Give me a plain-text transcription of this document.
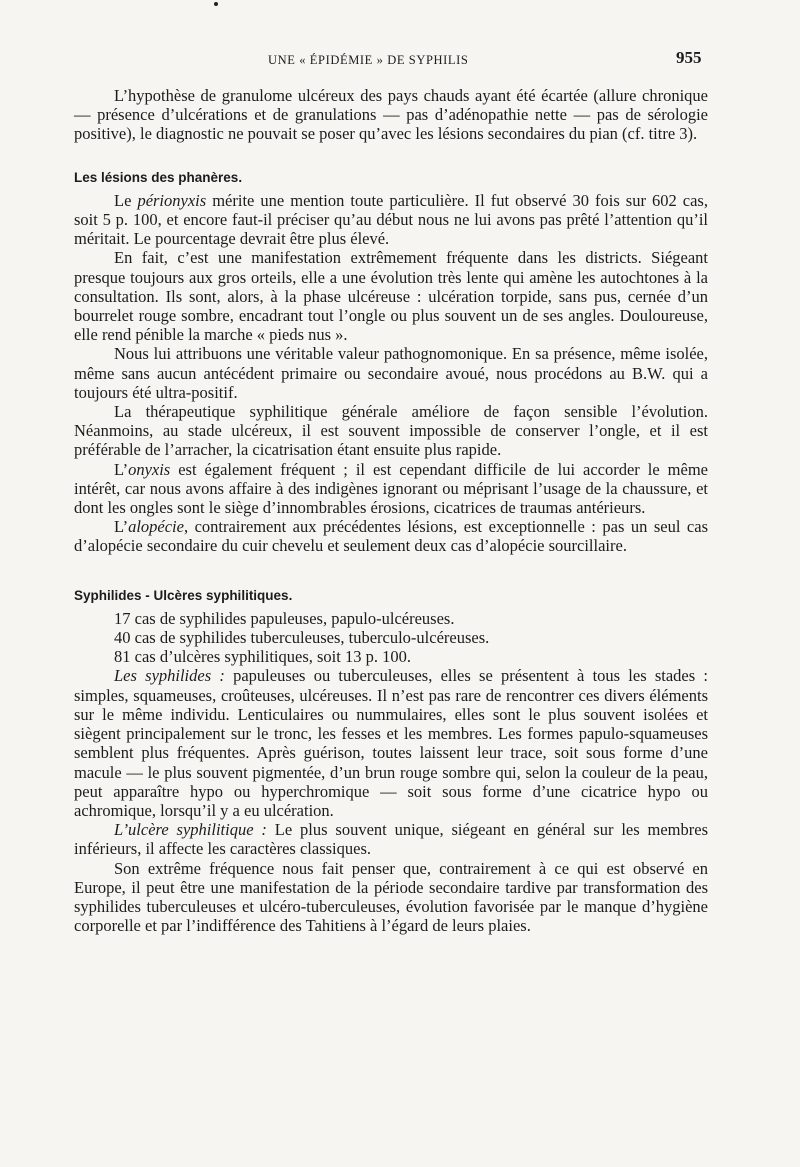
UNE « ÉPIDÉMIE » DE SYPHILIS	955

L’hypothèse de granulome ulcéreux des pays chauds ayant été écartée (allure chronique — présence d’ulcérations et de granulations — pas d’adénopathie nette — pas de sérologie positive), le diagnostic ne pouvait se poser qu’avec les lésions secondaires du pian (cf. titre 3).

Les lésions des phanères.

Le périonyxis mérite une mention toute particulière. Il fut observé 30 fois sur 602 cas, soit 5 p. 100, et encore faut-il préciser qu’au début nous ne lui avons pas prêté l’attention qu’il méritait. Le pourcentage devrait être plus élevé.

En fait, c’est une manifestation extrêmement fréquente dans les districts. Siégeant presque toujours aux gros orteils, elle a une évolution très lente qui amène les autochtones à la consultation. Ils sont, alors, à la phase ulcéreuse : ulcération torpide, sans pus, cernée d’un bourrelet rouge sombre, encadrant tout l’ongle ou plus souvent un de ses angles. Douloureuse, elle rend pénible la marche « pieds nus ».

Nous lui attribuons une véritable valeur pathognomonique. En sa présence, même isolée, même sans aucun antécédent primaire ou secondaire avoué, nous procédons au B.W. qui a toujours été ultra-positif.

La thérapeutique syphilitique générale améliore de façon sensible l’évolution. Néanmoins, au stade ulcéreux, il est souvent impossible de conserver l’ongle, et il est préférable de l’arracher, la cicatrisation étant ensuite plus rapide.

L’onyxis est également fréquent ; il est cependant difficile de lui accorder le même intérêt, car nous avons affaire à des indigènes ignorant ou méprisant l’usage de la chaussure, et dont les ongles sont le siège d’innombrables érosions, cicatrices de traumas antérieurs.

L’alopécie, contrairement aux précédentes lésions, est exceptionnelle : pas un seul cas d’alopécie secondaire du cuir chevelu et seulement deux cas d’alopécie sourcillaire.

Syphilides - Ulcères syphilitiques.

17 cas de syphilides papuleuses, papulo-ulcéreuses.
40 cas de syphilides tuberculeuses, tuberculo-ulcéreuses.
81 cas d’ulcères syphilitiques, soit 13 p. 100.

Les syphilides : papuleuses ou tuberculeuses, elles se présentent à tous les stades : simples, squameuses, croûteuses, ulcéreuses. Il n’est pas rare de rencontrer ces divers éléments sur le même individu. Lenticulaires ou nummulaires, elles sont le plus souvent isolées et siègent principalement sur le tronc, les fesses et les membres. Les formes papulo-squameuses semblent plus fréquentes. Après guérison, toutes laissent leur trace, soit sous forme d’une macule — le plus souvent pigmentée, d’un brun rouge sombre qui, selon la couleur de la peau, peut apparaître hypo ou hyperchromique — soit sous forme d’une cicatrice hypo ou achromique, lorsqu’il y a eu ulcération.

L’ulcère syphilitique : Le plus souvent unique, siégeant en général sur les membres inférieurs, il affecte les caractères classiques.

Son extrême fréquence nous fait penser que, contrairement à ce qui est observé en Europe, il peut être une manifestation de la période secondaire tardive par transformation des syphilides tuberculeuses et ulcéro-tuberculeuses, évolution favorisée par le manque d’hygiène corporelle et par l’indifférence des Tahitiens à l’égard de leurs plaies.
